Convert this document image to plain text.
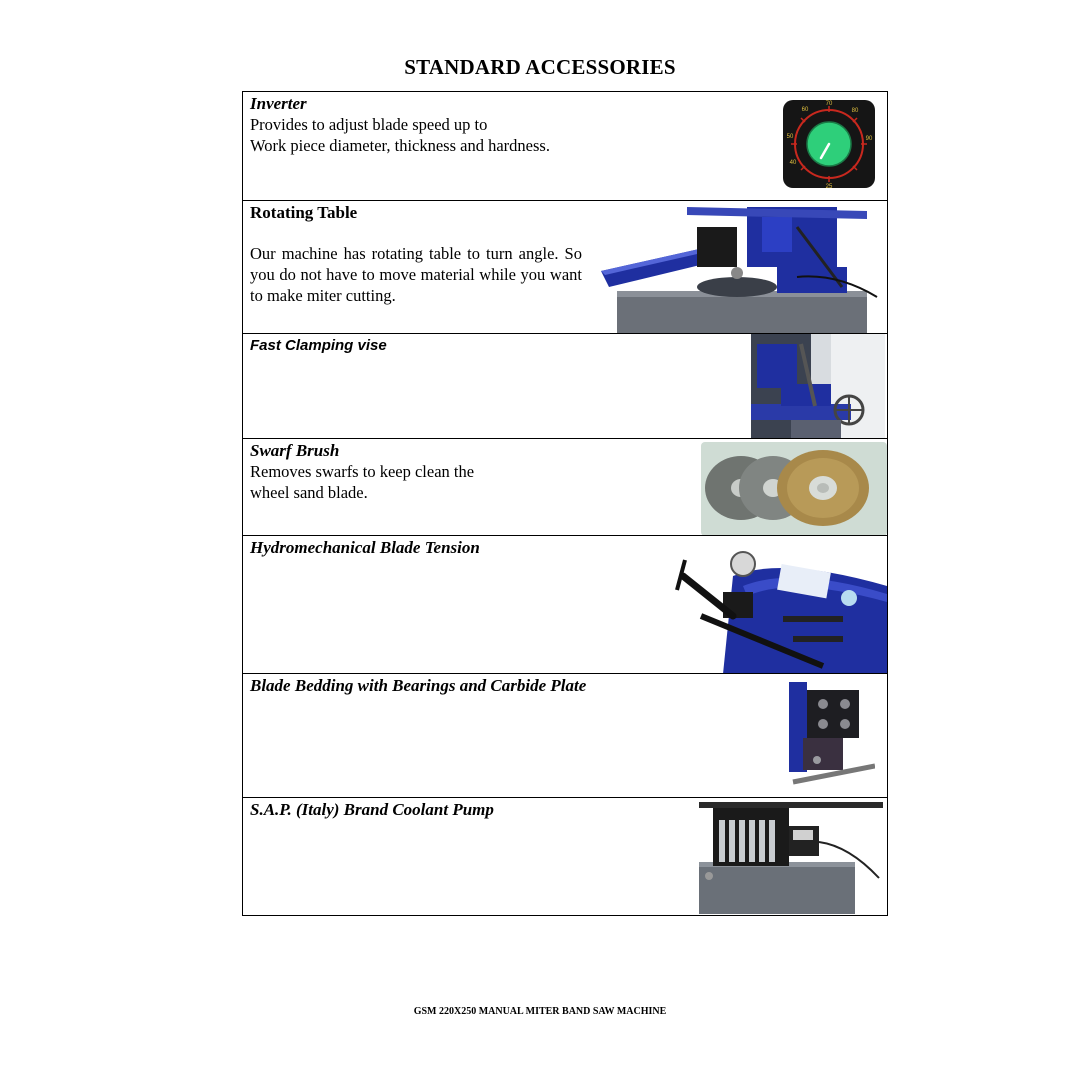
STANDARD ACCESSORIES
Inverter
Provides to adjust blade speed up to
Work piece diameter, thickness and hardness.
25
40
50
60
70
80
90
Rotating Table
Our machine has rotating table to turn angle. So you do not have to move material while you want to make miter cutting.
Fast Clamping vise
Swarf Brush
Removes swarfs to keep clean the
wheel sand blade.
Hydromechanical Blade Tension
Blade Bedding with Bearings and Carbide Plate
S.A.P. (Italy) Brand Coolant Pump
GSM 220X250 MANUAL MITER BAND SAW MACHINE
